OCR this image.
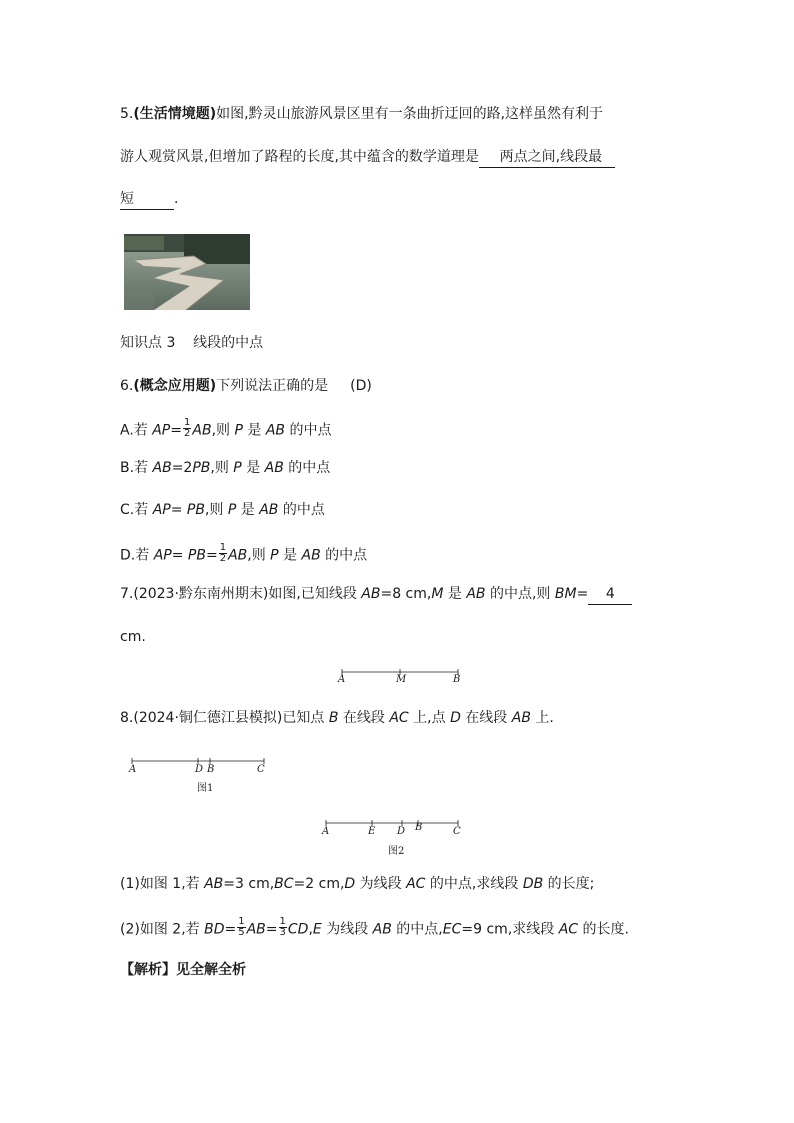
5.(生活情境题)如图,黔灵山旅游风景区里有一条曲折迂回的路,这样虽然有利于
游人观赏风景,但增加了路程的长度,其中蕴含的数学道理是 两点之间,线段最
短	.
知识点 3    线段的中点
6.(概念应用题)下列说法正确的是 (D)
A.若 $AP= \frac{1}{2}$ AB,则 P 是 AB 的中点
B.若 AB=2PB,则 P 是 AB 的中点
C.若 AP= PB,则 P 是 AB 的中点
D.若 $AP= PB= \frac{1}{2}$ AB,则 P 是 AB 的中点
7.(2023·黔东南州期末)如图,已知线段 AB=8 cm,M 是 AB 的中点,则 BM= 4
cm.
A	M	B
8.(2024·铜仁德江县模拟)已知点 B 在线段 AC 上,点 D 在线段 AB 上.
A	D B	C
图1
A	E D B	C
图2
(1)如图 1,若 AB=3 cm,BC=2 cm,D 为线段 AC 的中点,求线段 DB 的长度;
(2)如图 2,若 $BD= \frac{1}{5} AB= \frac{1}{3} CD,E$ 为线段 AB 的中点,EC=9 cm,求线段 AC 的长度.
【解析】见全解全析
